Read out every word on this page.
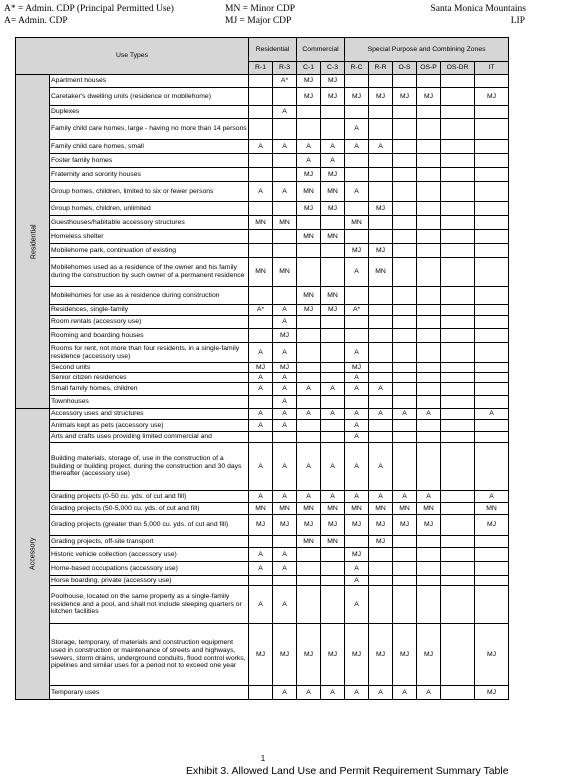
A* = Admin. CDP (Principal Permitted Use)
A= Admin. CDP
MN = Minor CDP
MJ = Major CDP
Santa Monica Mountains
LIP
Use Types		Residential		Commercial		Special Purpose and Combining Zones					
		R-1	R-3	C-1	C-3	R-C	R-R	O-S	OS-P	OS-DR	IT
Residential	Apartment houses		A*	MJ	MJ						
	Caretaker's dwelling units (residence or mobilehome)			MJ	MJ	MJ	MJ	MJ	MJ		MJ
	Duplexes		A								
	Family child care homes, large - having no more than 14 persons					A					
	Family child care homes, small	A	A	A	A	A	A				
	Foster family homes			A	A						
	Fraternity and sorority houses			MJ	MJ						
	Group homes, children, limited to six or fewer persons	A	A	MN	MN	A					
	Group homes, children, unlimited			MJ	MJ		MJ				
	Guesthouses/habitable accessory structures	MN	MN			MN					
	Homeless shelter			MN	MN						
	Mobilehome park, continuation of existing					MJ	MJ				
	Mobilehomes used as a residence of the owner and his family during the construction by such owner of a permanent residence	MN	MN			A	MN				
	Mobilehomes for use as a residence during construction			MN	MN						
	Residences, single-family	A*	A	MJ	MJ	A*					
	Room rentals (accessory use)		A								
	Rooming and boarding houses		MJ								
	Rooms for rent, not more than four residents, in a single-family residence (accessory use)	A	A			A					
	Second units	MJ	MJ			MJ					
	Senior citizen residences	A	A			A					
	Small family homes, children	A	A	A	A	A	A				
	Townhouses		A								
Accessory	Accessory uses and structures	A	A	A	A	A	A	A	A		A
	Animals kept as pets (accessory use)	A	A			A					
	Arts and crafts uses providing limited commercial and					A					
	Building materials, storage of, use in the construction of a building or building project, during the construction and 30 days thereafter (accessory use)	A	A	A	A	A	A				
	Grading projects (0-50 cu. yds. of cut and fill)	A	A	A	A	A	A	A	A		A
	Grading projects (50-5,000 cu. yds. of cut and fill)	MN	MN	MN	MN	MN	MN	MN	MN		MN
	Grading projects (greater than 5,000 cu. yds. of cut and fill)	MJ	MJ	MJ	MJ	MJ	MJ	MJ	MJ		MJ
	Grading projects, off-site transport			MN	MN		MJ				
	Historic vehicle collection (accessory use)	A	A			MJ					
	Home-based occupations (accessory use)	A	A			A					
	Horse boarding, private (accessory use)					A					
	Poolhouse, located on the same property as a single-family residence and a pool, and shall not include sleeping quarters or kitchen facilities	A	A			A					
	Storage, temporary, of materials and construction equipment used in construction or maintenance of streets and highways, sewers, storm drains, underground conduits, flood control works, pipelines and similar uses for a period not to exceed one year	MJ	MJ	MJ	MJ	MJ	MJ	MJ	MJ		MJ
	Temporary uses		A	A	A	A	A	A	A		MJ
1
Exhibit 3. Allowed Land Use and Permit Requirement Summary Table
